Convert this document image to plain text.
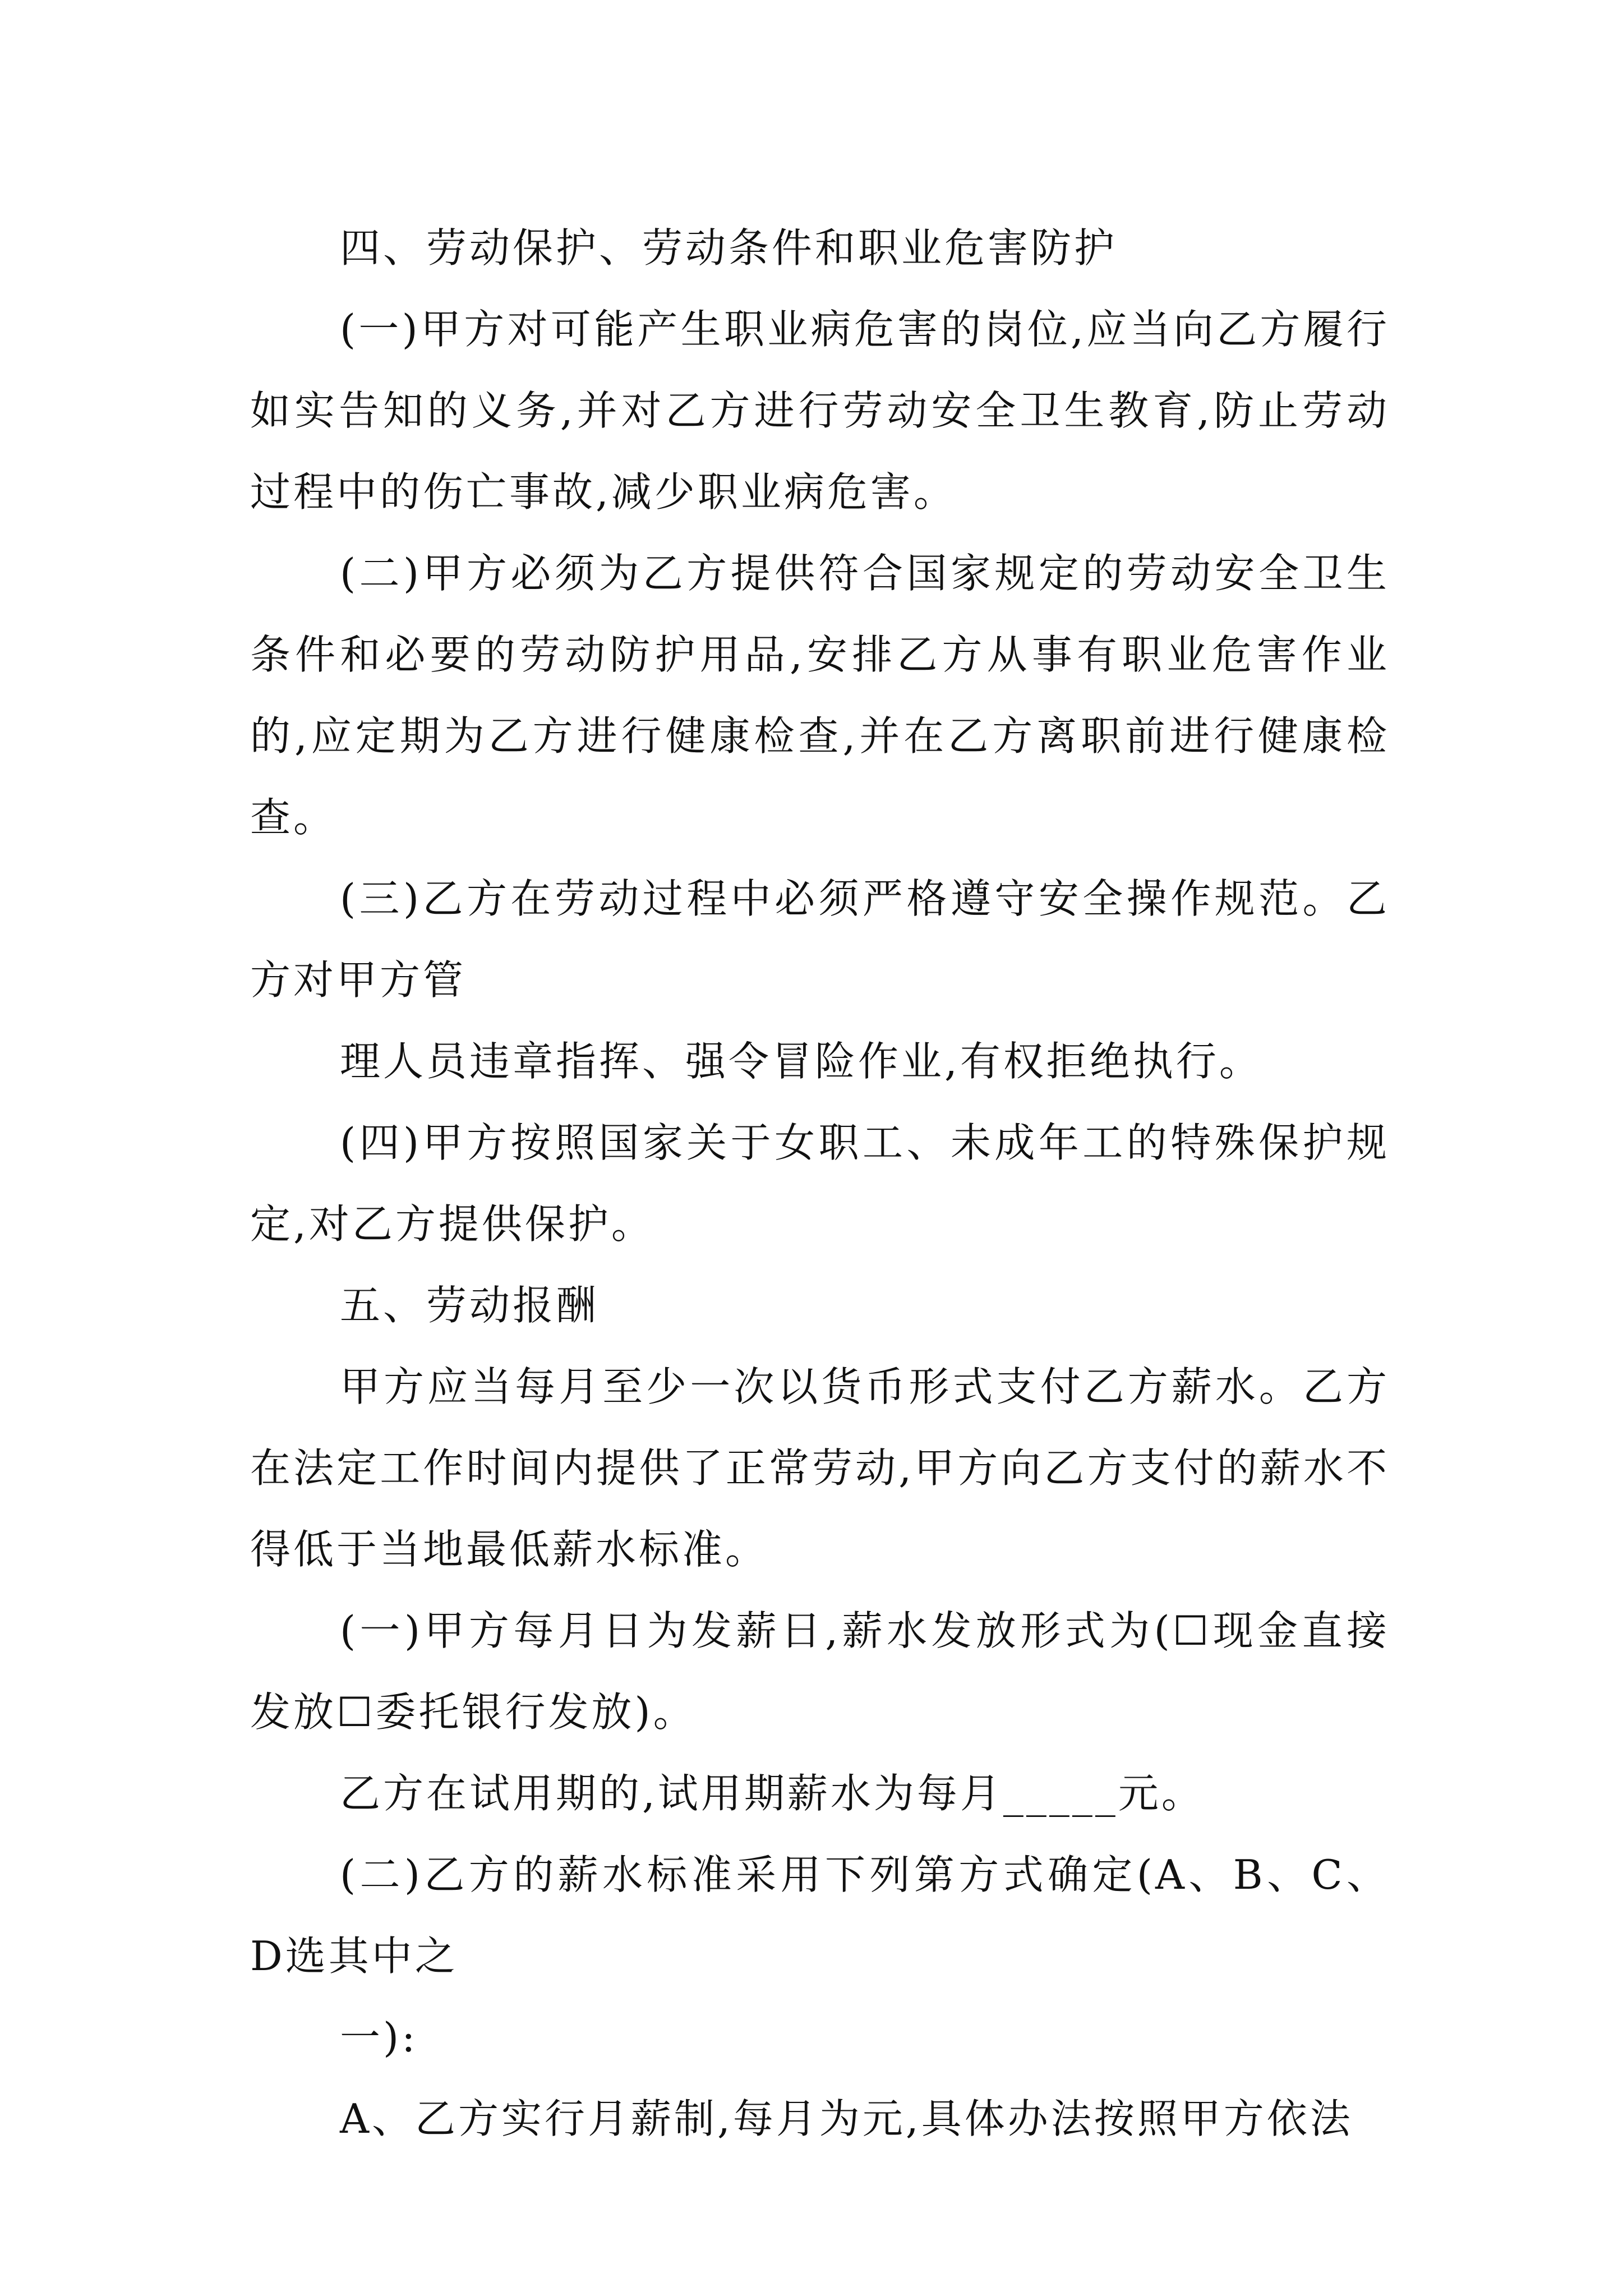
四、劳动保护、劳动条件和职业危害防护

(一)甲方对可能产生职业病危害的岗位,应当向乙方履行如实告知的义务,并对乙方进行劳动安全卫生教育,防止劳动过程中的伤亡事故,减少职业病危害。

(二)甲方必须为乙方提供符合国家规定的劳动安全卫生条件和必要的劳动防护用品,安排乙方从事有职业危害作业的,应定期为乙方进行健康检查,并在乙方离职前进行健康检查。

(三)乙方在劳动过程中必须严格遵守安全操作规范。乙方对甲方管

理人员违章指挥、强令冒险作业,有权拒绝执行。

(四)甲方按照国家关于女职工、未成年工的特殊保护规定,对乙方提供保护。

五、劳动报酬

甲方应当每月至少一次以货币形式支付乙方薪水。乙方在法定工作时间内提供了正常劳动,甲方向乙方支付的薪水不得低于当地最低薪水标准。

(一)甲方每月日为发薪日,薪水发放形式为(☐现金直接发放☐委托银行发放)。

乙方在试用期的,试用期薪水为每月_____元。

(二)乙方的薪水标准采用下列第方式确定(A、B、C、D选其中之

一):

A、乙方实行月薪制,每月为元,具体办法按照甲方依法
